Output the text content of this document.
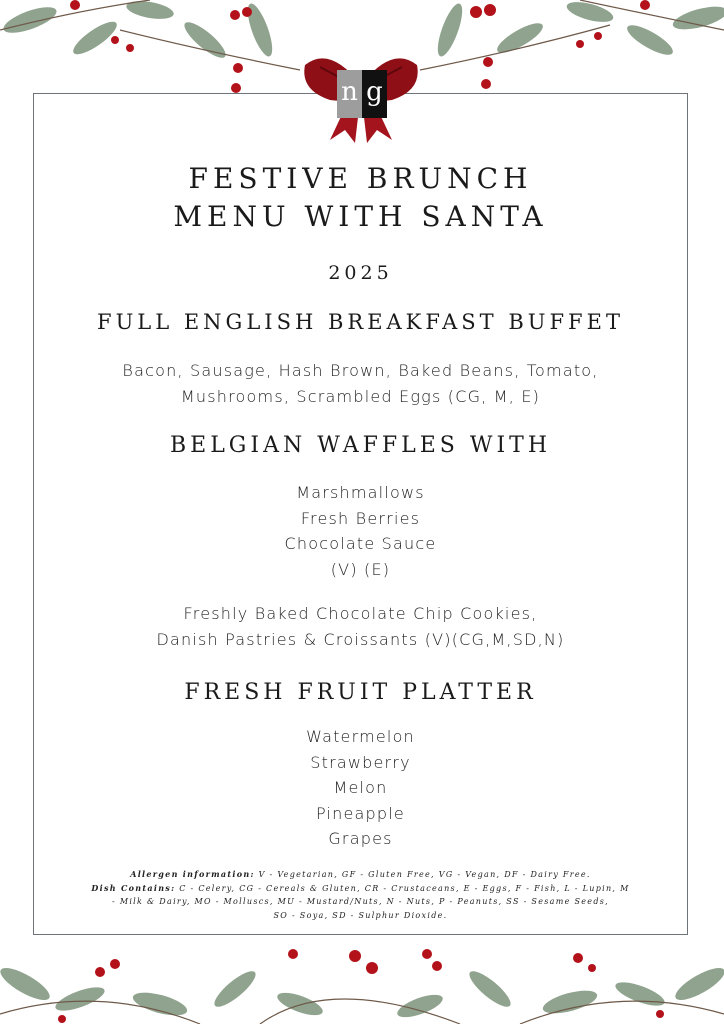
n g
FESTIVE BRUNCH
MENU WITH SANTA
2025
FULL ENGLISH BREAKFAST BUFFET

Bacon, Sausage, Hash Brown, Baked Beans, Tomato,
Mushrooms, Scrambled Eggs (CG, M, E)

BELGIAN WAFFLES WITH

Marshmallows
Fresh Berries
Chocolate Sauce
(V) (E)

Freshly Baked Chocolate Chip Cookies,
Danish Pastries & Croissants (V)(CG,M,SD,N)

FRESH FRUIT PLATTER

Watermelon
Strawberry
Melon
Pineapple
Grapes

Allergen information: V - Vegetarian, GF - Gluten Free, VG - Vegan, DF - Dairy Free.
Dish Contains: C - Celery, CG - Cereals & Gluten, CR - Crustaceans, E - Eggs, F - Fish, L - Lupin, M
- Milk & Dairy, MO - Molluscs, MU - Mustard/Nuts, N - Nuts, P - Peanuts, SS - Sesame Seeds,
SO - Soya, SD - Sulphur Dioxide.
